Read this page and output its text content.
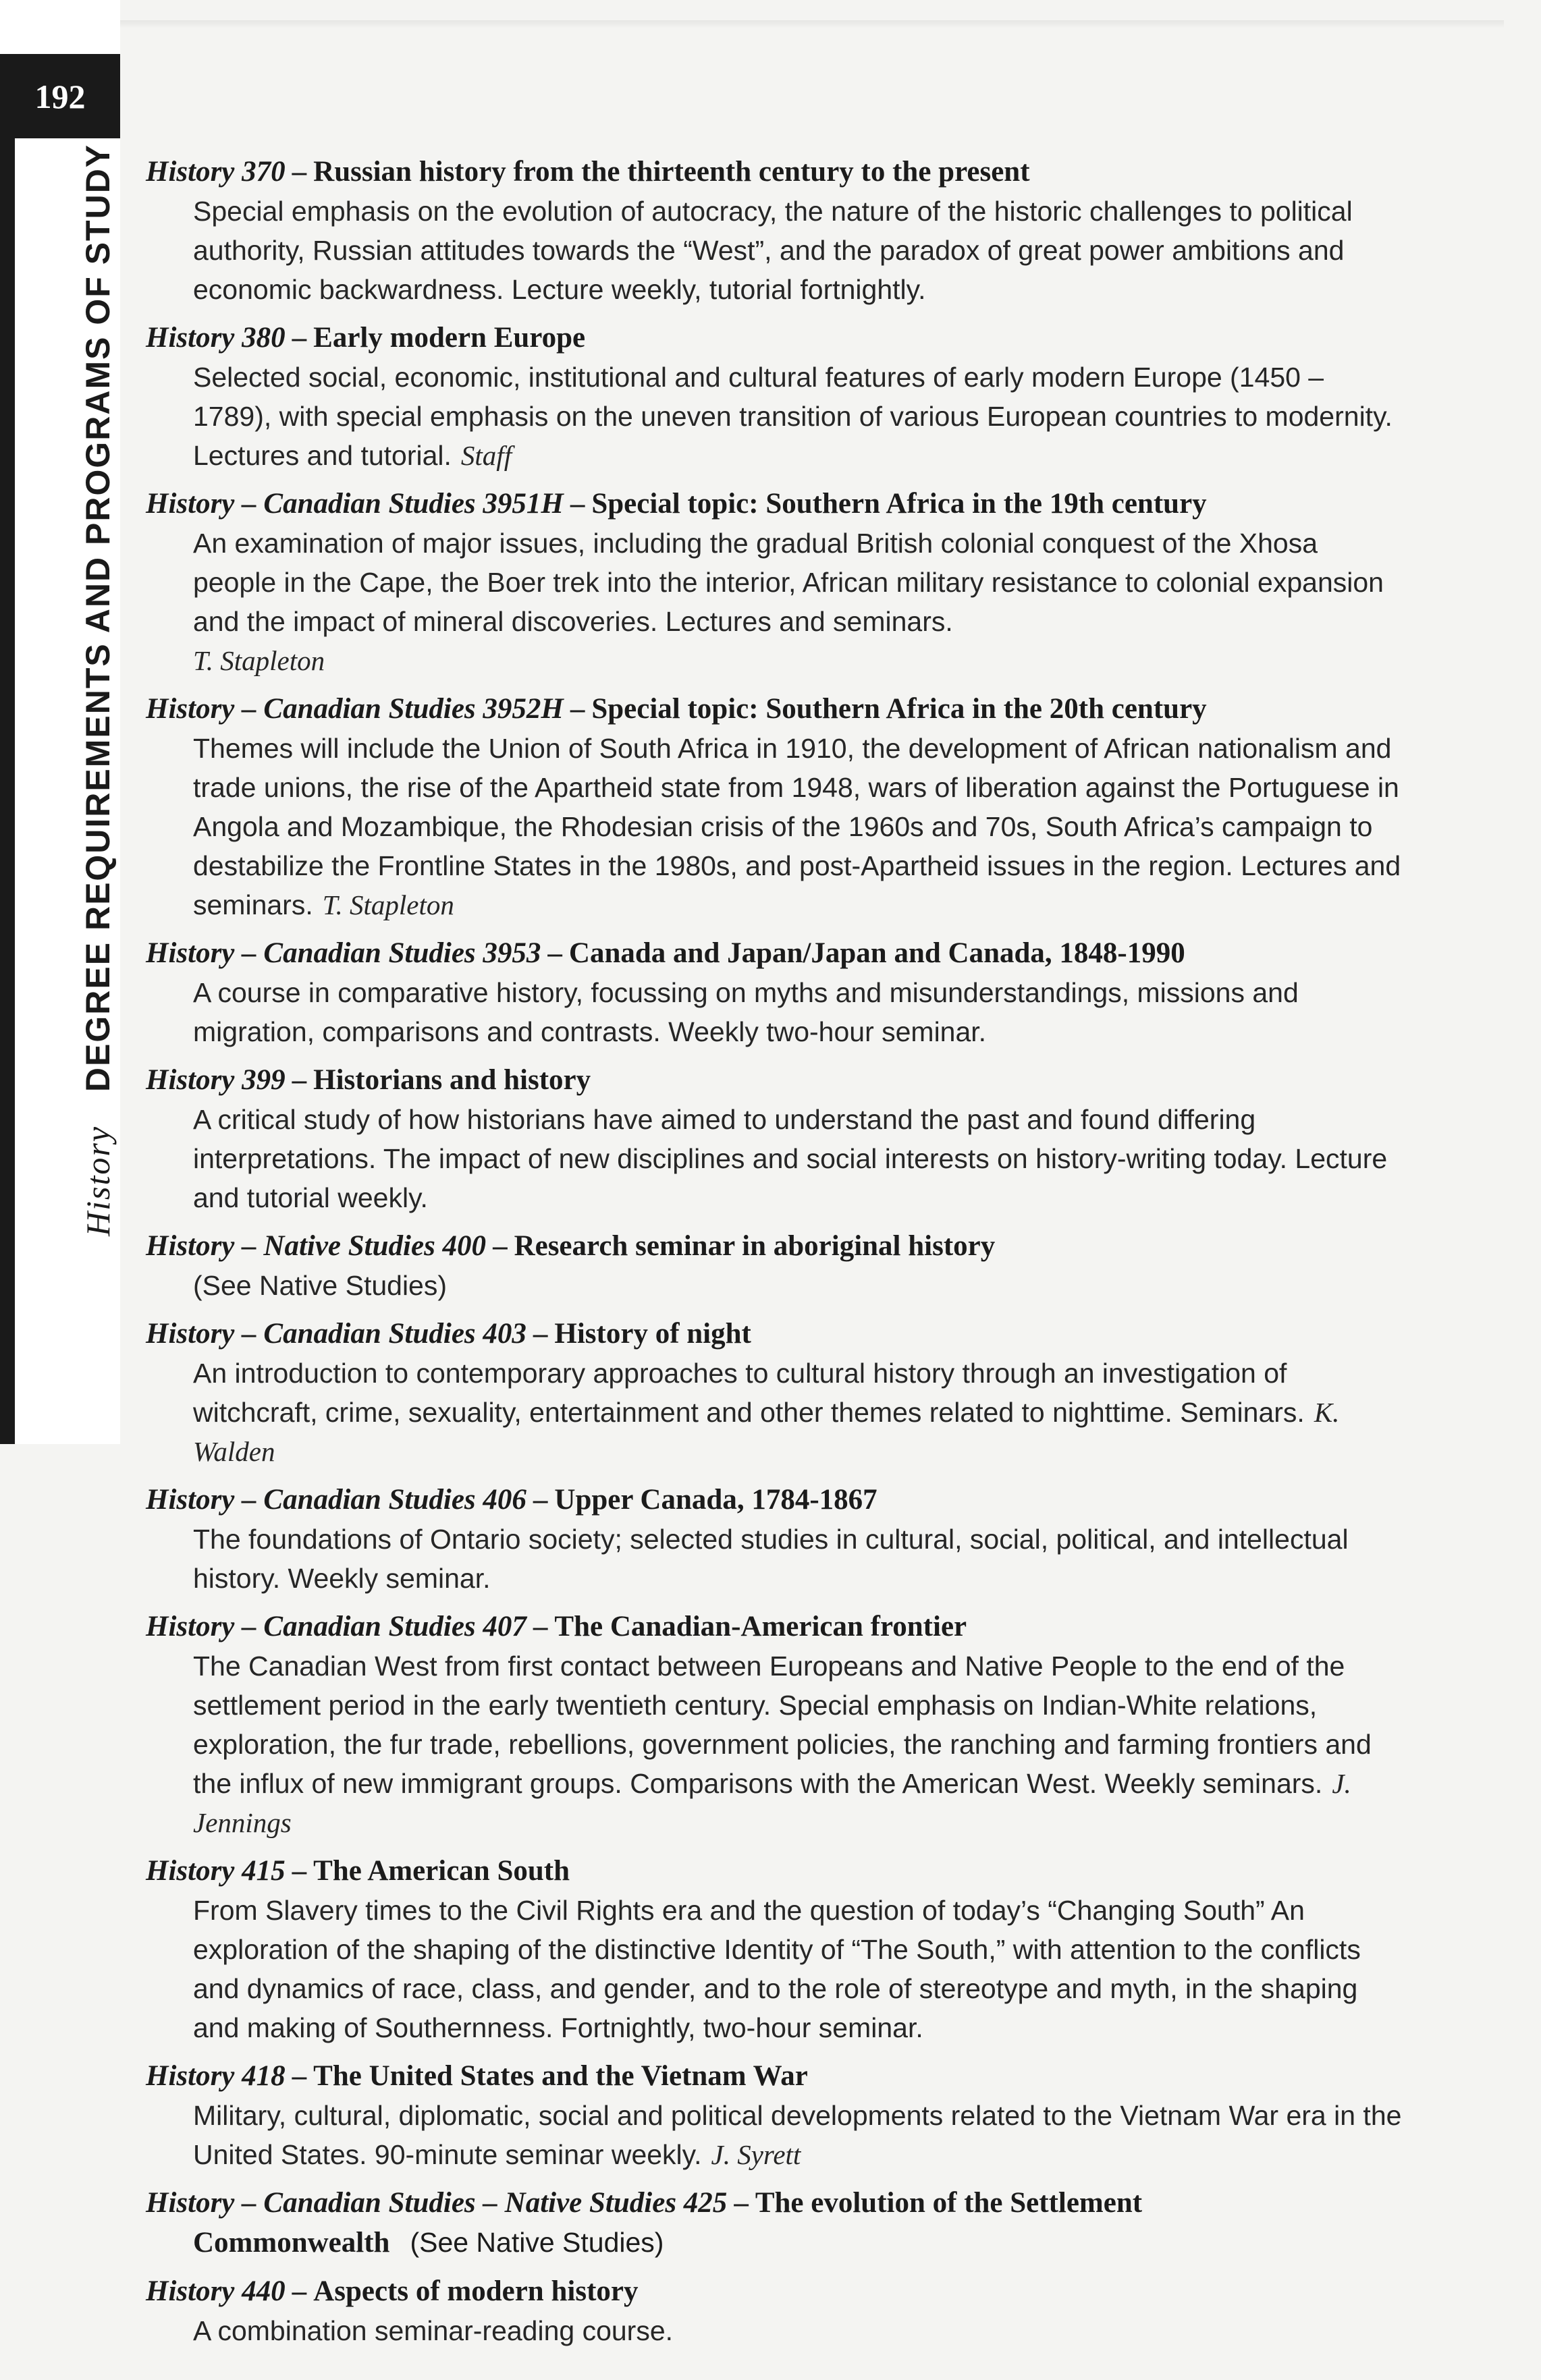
192
History DEGREE REQUIREMENTS AND PROGRAMS OF STUDY History 370 – Russian history from the thirteenth century to the present
Special emphasis on the evolution of autocracy, the nature of the historic challenges to political authority, Russian attitudes towards the “West”, and the paradox of great power ambitions and economic backwardness. Lecture weekly, tutorial fortnightly.
History 380 – Early modern Europe
Selected social, economic, institutional and cultural features of early modern Europe (1450 – 1789), with special emphasis on the uneven transition of various European countries to modernity. Lectures and tutorial. Staff
History – Canadian Studies 3951H – Special topic: Southern Africa in the 19th century
An examination of major issues, including the gradual British colonial conquest of the Xhosa people in the Cape, the Boer trek into the interior, African military resistance to colonial expansion and the impact of mineral discoveries. Lectures and seminars.
T. Stapleton
History – Canadian Studies 3952H – Special topic: Southern Africa in the 20th century
Themes will include the Union of South Africa in 1910, the development of African nationalism and trade unions, the rise of the Apartheid state from 1948, wars of liberation against the Portuguese in Angola and Mozambique, the Rhodesian crisis of the 1960s and 70s, South Africa’s campaign to destabilize the Frontline States in the 1980s, and post-Apartheid issues in the region. Lectures and seminars. T. Stapleton
History – Canadian Studies 3953 – Canada and Japan/Japan and Canada, 1848-1990
A course in comparative history, focussing on myths and misunderstandings, missions and migration, comparisons and contrasts. Weekly two-hour seminar.
History 399 – Historians and history
A critical study of how historians have aimed to understand the past and found differing interpretations. The impact of new disciplines and social interests on history-writing today. Lecture and tutorial weekly.
History – Native Studies 400 – Research seminar in aboriginal history
(See Native Studies)
History – Canadian Studies 403 – History of night
An introduction to contemporary approaches to cultural history through an investigation of witchcraft, crime, sexuality, entertainment and other themes related to nighttime. Seminars. K. Walden
History – Canadian Studies 406 – Upper Canada, 1784-1867
The foundations of Ontario society; selected studies in cultural, social, political, and intellectual history. Weekly seminar.
History – Canadian Studies 407 – The Canadian-American frontier
The Canadian West from first contact between Europeans and Native People to the end of the settlement period in the early twentieth century. Special emphasis on Indian-White relations, exploration, the fur trade, rebellions, government policies, the ranching and farming frontiers and the influx of new immigrant groups. Comparisons with the American West. Weekly seminars. J. Jennings
History 415 – The American South
From Slavery times to the Civil Rights era and the question of today’s “Changing South” An exploration of the shaping of the distinctive Identity of “The South,” with attention to the conflicts and dynamics of race, class, and gender, and to the role of stereotype and myth, in the shaping and making of Southernness. Fortnightly, two-hour seminar.
History 418 – The United States and the Vietnam War
Military, cultural, diplomatic, social and political developments related to the Vietnam War era in the United States. 90-minute seminar weekly. J. Syrett
History – Canadian Studies – Native Studies 425 – The evolution of the Settlement Commonwealth (See Native Studies)
History 440 – Aspects of modern history
A combination seminar-reading course.
